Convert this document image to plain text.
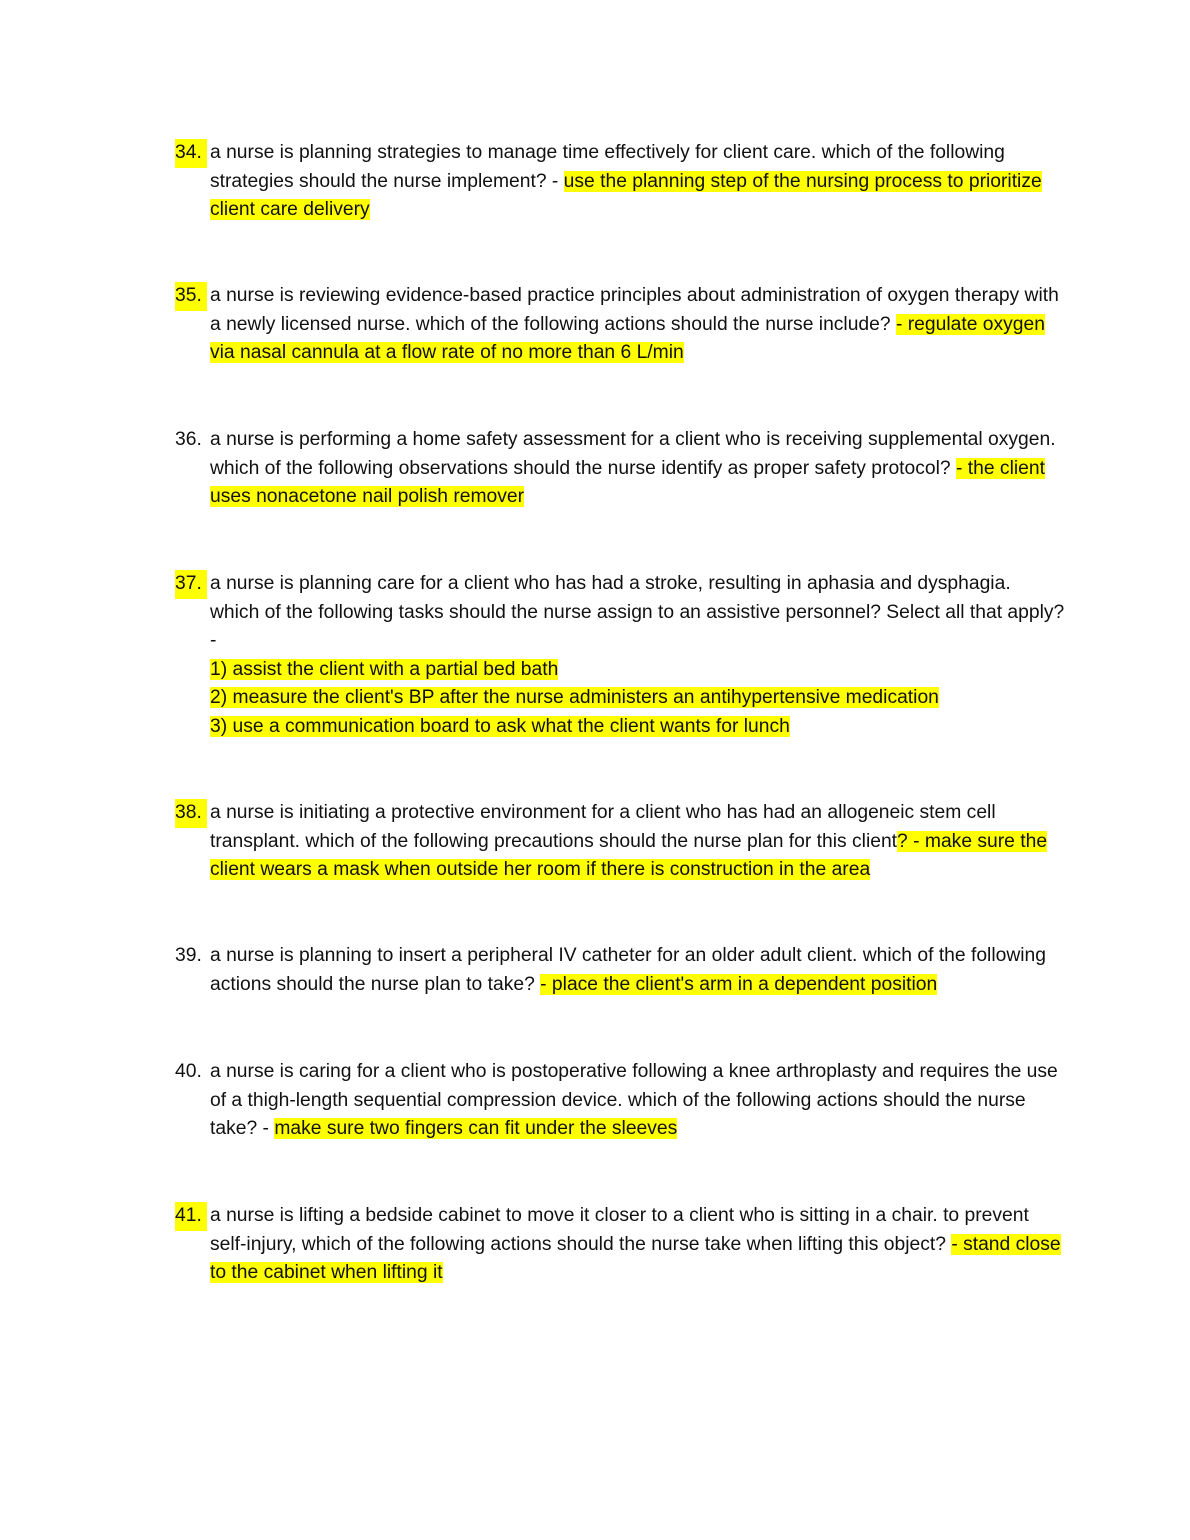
34. a nurse is planning strategies to manage time effectively for client care. which of the following strategies should the nurse implement? - use the planning step of the nursing process to prioritize client care delivery
35. a nurse is reviewing evidence-based practice principles about administration of oxygen therapy with a newly licensed nurse. which of the following actions should the nurse include? - regulate oxygen via nasal cannula at a flow rate of no more than 6 L/min
36. a nurse is performing a home safety assessment for a client who is receiving supplemental oxygen. which of the following observations should the nurse identify as proper safety protocol? - the client uses nonacetone nail polish remover
37. a nurse is planning care for a client who has had a stroke, resulting in aphasia and dysphagia. which of the following tasks should the nurse assign to an assistive personnel? Select all that apply? -
1) assist the client with a partial bed bath
2) measure the client's BP after the nurse administers an antihypertensive medication
3) use a communication board to ask what the client wants for lunch
38. a nurse is initiating a protective environment for a client who has had an allogeneic stem cell transplant. which of the following precautions should the nurse plan for this client? - make sure the client wears a mask when outside her room if there is construction in the area
39. a nurse is planning to insert a peripheral IV catheter for an older adult client. which of the following actions should the nurse plan to take? - place the client's arm in a dependent position
40. a nurse is caring for a client who is postoperative following a knee arthroplasty and requires the use of a thigh-length sequential compression device. which of the following actions should the nurse take? - make sure two fingers can fit under the sleeves
41. a nurse is lifting a bedside cabinet to move it closer to a client who is sitting in a chair. to prevent self-injury, which of the following actions should the nurse take when lifting this object? - stand close to the cabinet when lifting it
